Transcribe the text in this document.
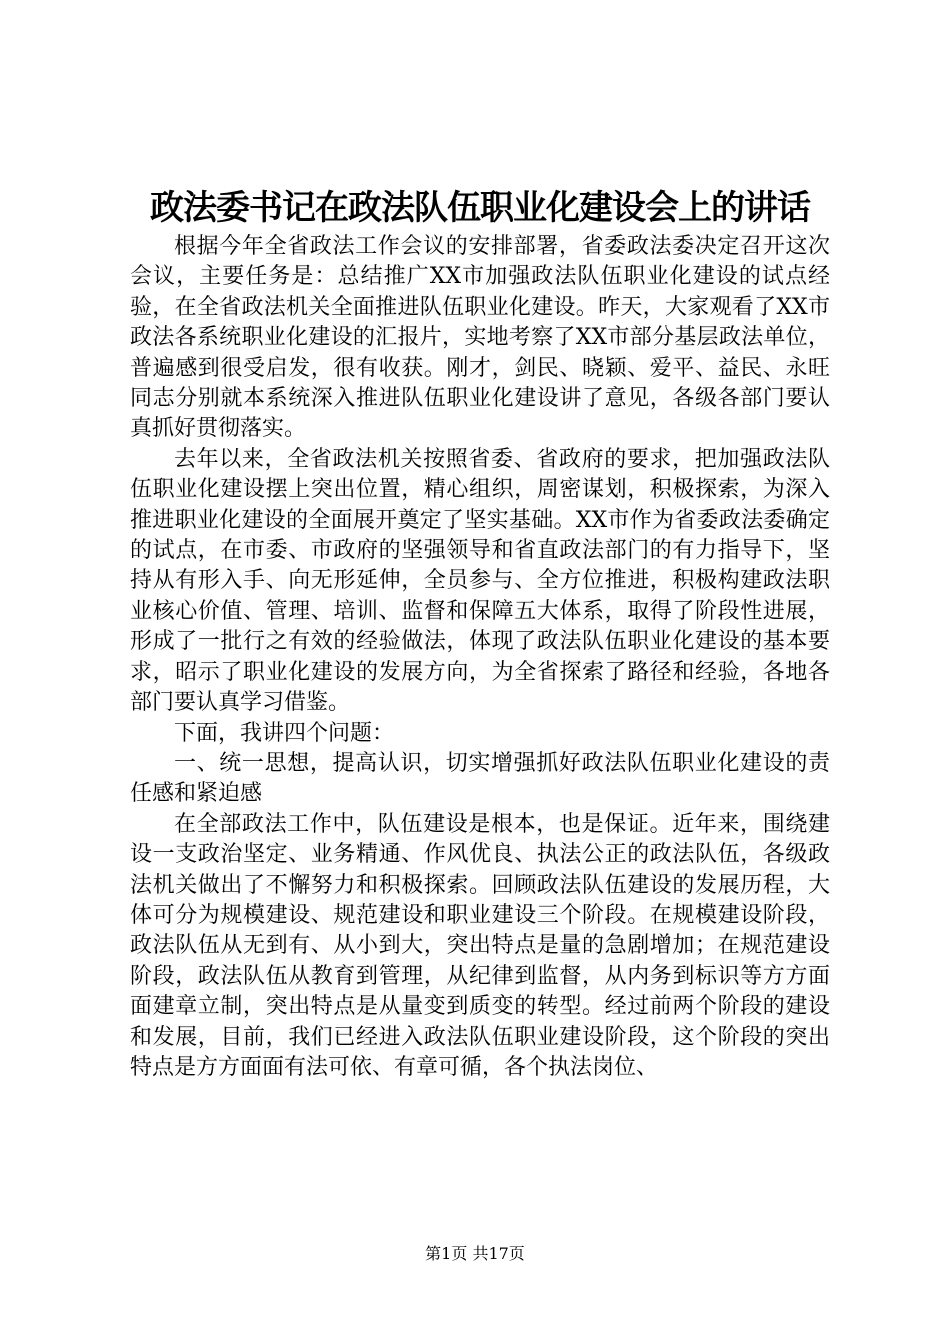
政法委书记在政法队伍职业化建设会上的讲话

根据今年全省政法工作会议的安排部署，省委政法委决定召开这次会议，主要任务是：总结推广XX市加强政法队伍职业化建设的试点经验，在全省政法机关全面推进队伍职业化建设。昨天，大家观看了XX市政法各系统职业化建设的汇报片，实地考察了XX市部分基层政法单位，普遍感到很受启发，很有收获。刚才，剑民、晓颖、爱平、益民、永旺同志分别就本系统深入推进队伍职业化建设讲了意见，各级各部门要认真抓好贯彻落实。

去年以来，全省政法机关按照省委、省政府的要求，把加强政法队伍职业化建设摆上突出位置，精心组织，周密谋划，积极探索，为深入推进职业化建设的全面展开奠定了坚实基础。XX市作为省委政法委确定的试点，在市委、市政府的坚强领导和省直政法部门的有力指导下，坚持从有形入手、向无形延伸，全员参与、全方位推进，积极构建政法职业核心价值、管理、培训、监督和保障五大体系，取得了阶段性进展，形成了一批行之有效的经验做法，体现了政法队伍职业化建设的基本要求，昭示了职业化建设的发展方向，为全省探索了路径和经验，各地各部门要认真学习借鉴。

下面，我讲四个问题：

一、统一思想，提高认识，切实增强抓好政法队伍职业化建设的责任感和紧迫感

在全部政法工作中，队伍建设是根本，也是保证。近年来，围绕建设一支政治坚定、业务精通、作风优良、执法公正的政法队伍，各级政法机关做出了不懈努力和积极探索。回顾政法队伍建设的发展历程，大体可分为规模建设、规范建设和职业建设三个阶段。在规模建设阶段，政法队伍从无到有、从小到大，突出特点是量的急剧增加；在规范建设阶段，政法队伍从教育到管理，从纪律到监督，从内务到标识等方方面面建章立制，突出特点是从量变到质变的转型。经过前两个阶段的建设和发展，目前，我们已经进入政法队伍职业建设阶段，这个阶段的突出特点是方方面面有法可依、有章可循，各个执法岗位、

第1页 共17页
